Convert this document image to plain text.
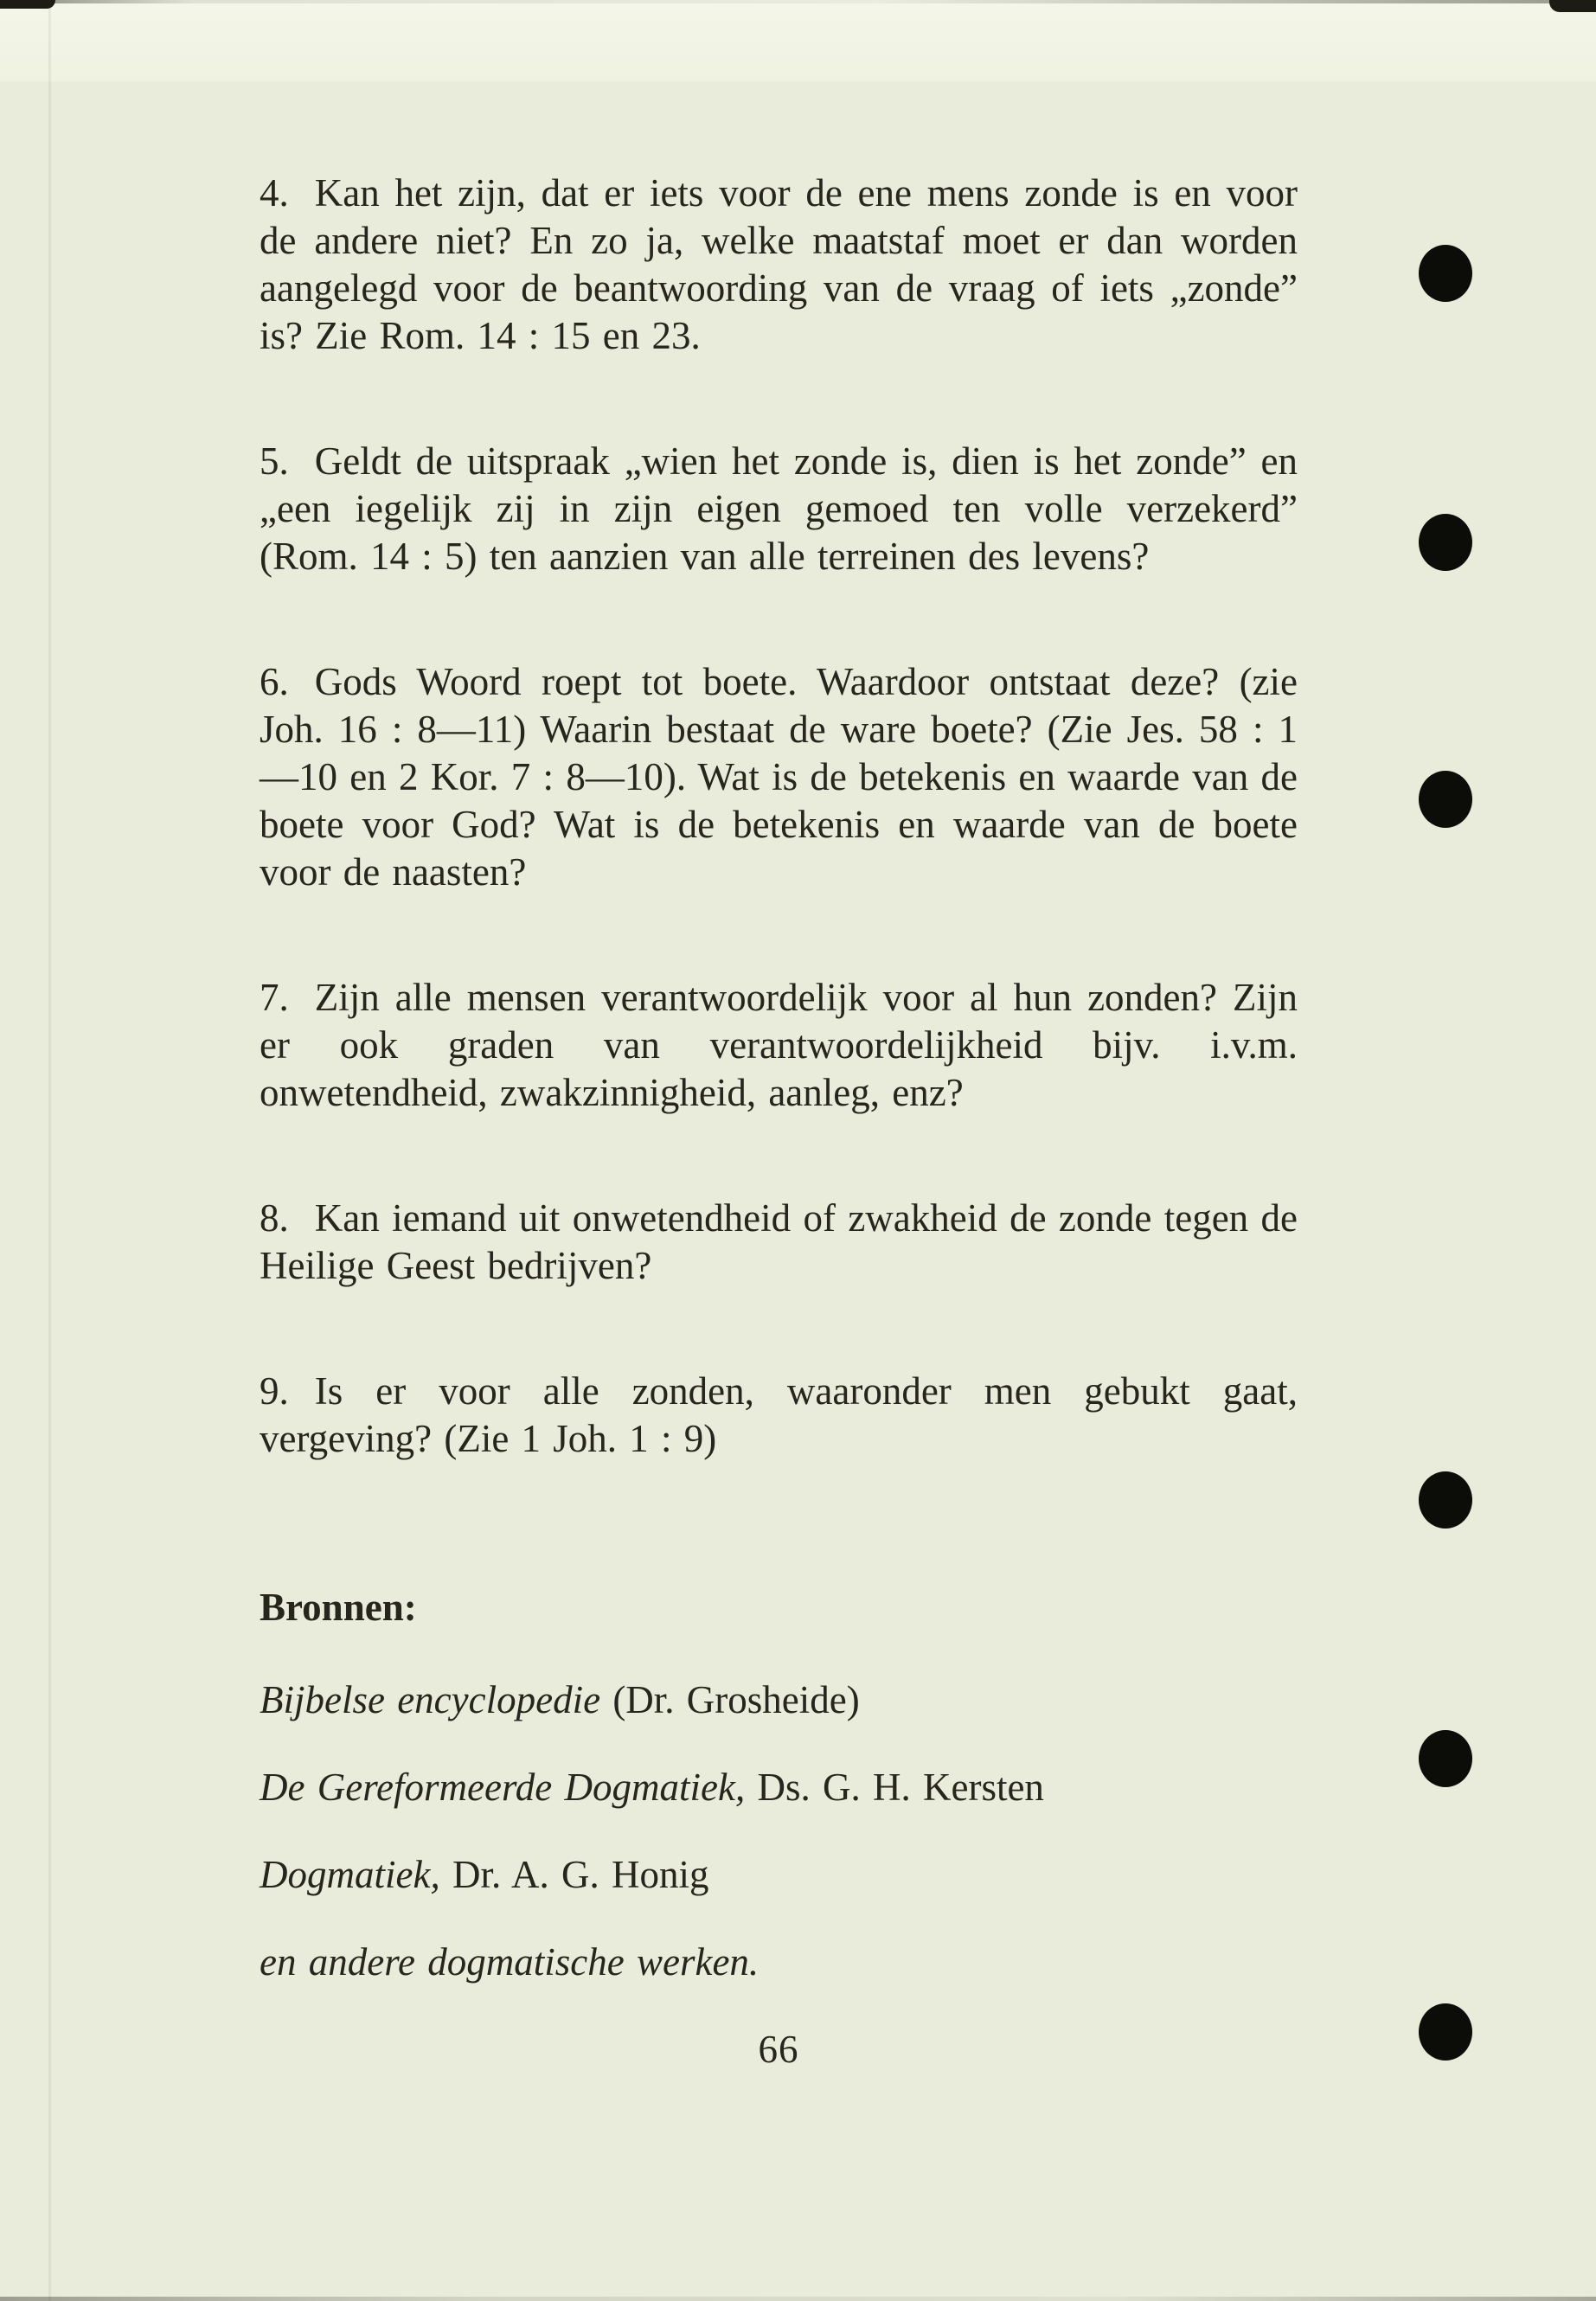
4. Kan het zijn, dat er iets voor de ene mens zonde is en voor de andere niet? En zo ja, welke maatstaf moet er dan worden aangelegd voor de beantwoording van de vraag of iets „zonde” is? Zie Rom. 14 : 15 en 23.

5. Geldt de uitspraak „wien het zonde is, dien is het zonde” en „een iegelijk zij in zijn eigen gemoed ten volle verzekerd” (Rom. 14 : 5) ten aanzien van alle terreinen des levens?

6. Gods Woord roept tot boete. Waardoor ontstaat deze? (zie Joh. 16 : 8—11) Waarin bestaat de ware boete? (Zie Jes. 58 : 1—10 en 2 Kor. 7 : 8—10). Wat is de betekenis en waarde van de boete voor God? Wat is de betekenis en waarde van de boete voor de naasten?

7. Zijn alle mensen verantwoordelijk voor al hun zonden? Zijn er ook graden van verantwoordelijkheid bijv. i.v.m. onwetendheid, zwakzinnigheid, aanleg, enz?

8. Kan iemand uit onwetendheid of zwakheid de zonde tegen de Heilige Geest bedrijven?

9. Is er voor alle zonden, waaronder men gebukt gaat, vergeving? (Zie 1 Joh. 1 : 9)

Bronnen:

Bijbelse encyclopedie (Dr. Grosheide)

De Gereformeerde Dogmatiek, Ds. G. H. Kersten

Dogmatiek, Dr. A. G. Honig

en andere dogmatische werken.

66
